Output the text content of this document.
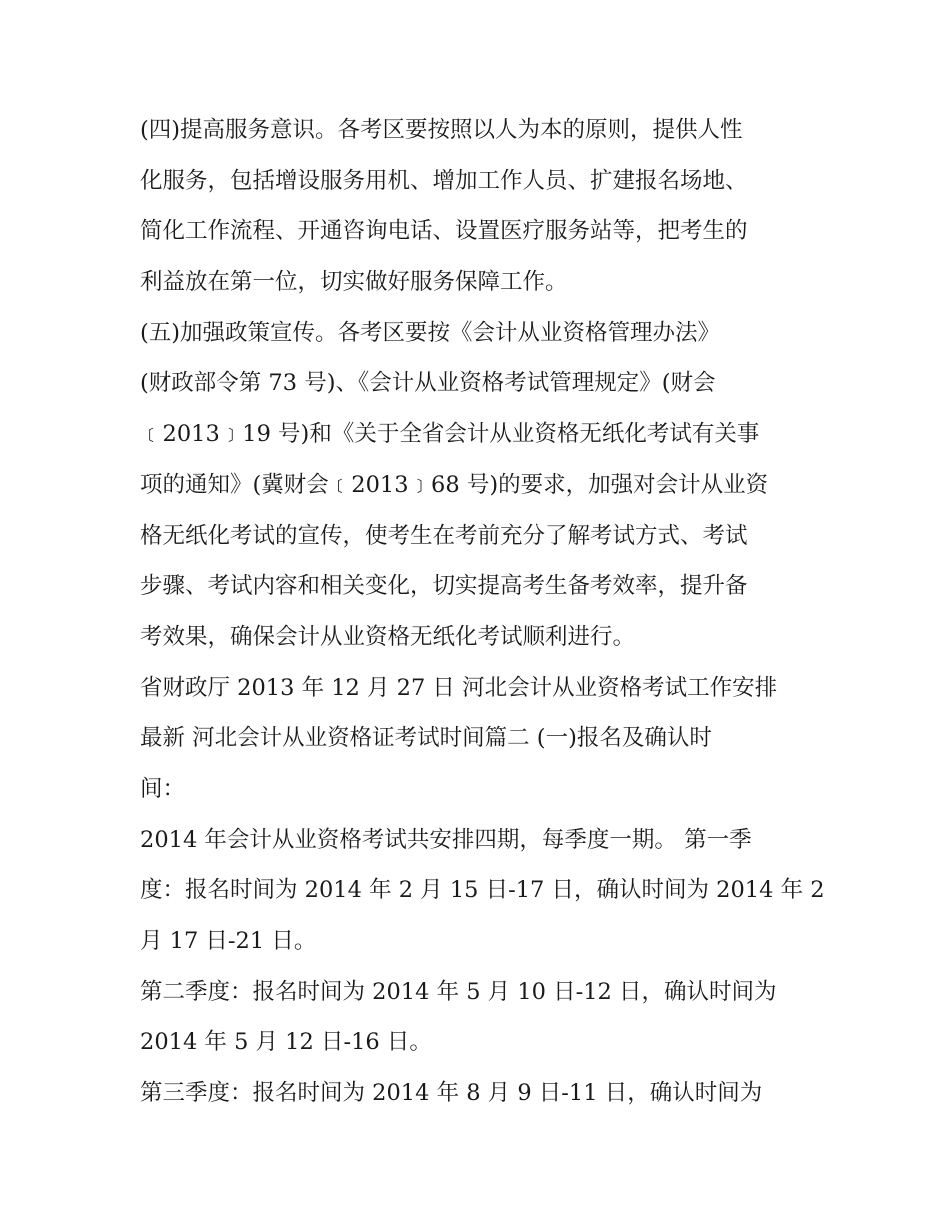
(四)提高服务意识。各考区要按照以人为本的原则，提供人性
化服务，包括增设服务用机、增加工作人员、扩建报名场地、
简化工作流程、开通咨询电话、设置医疗服务站等，把考生的
利益放在第一位，切实做好服务保障工作。
(五)加强政策宣传。各考区要按《会计从业资格管理办法》
(财政部令第 73 号)、《会计从业资格考试管理规定》(财会
﹝2013﹞19 号)和《关于全省会计从业资格无纸化考试有关事
项的通知》(冀财会﹝2013﹞68 号)的要求，加强对会计从业资
格无纸化考试的宣传，使考生在考前充分了解考试方式、考试
步骤、考试内容和相关变化，切实提高考生备考效率，提升备
考效果，确保会计从业资格无纸化考试顺利进行。
省财政厅 2013 年 12 月 27 日 河北会计从业资格考试工作安排
最新 河北会计从业资格证考试时间篇二 (一)报名及确认时
间：
2014 年会计从业资格考试共安排四期，每季度一期。 第一季
度：报名时间为 2014 年 2 月 15 日-17 日，确认时间为 2014 年 2
月 17 日-21 日。
第二季度：报名时间为 2014 年 5 月 10 日-12 日，确认时间为
2014 年 5 月 12 日-16 日。
第三季度：报名时间为 2014 年 8 月 9 日-11 日，确认时间为
